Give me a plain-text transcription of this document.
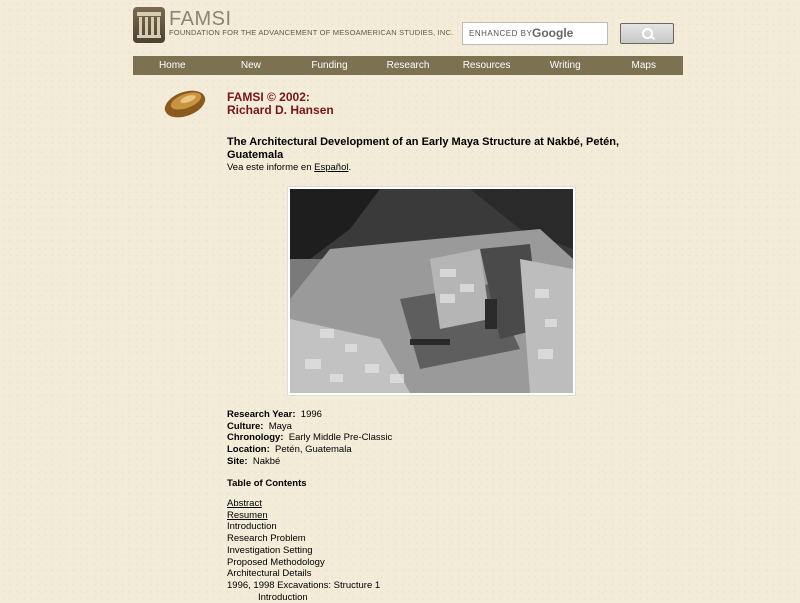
FAMSI
FOUNDATION FOR THE ADVANCEMENT OF MESOAMERICAN STUDIES, INC. ENHANCED BY Google
Home	New	Funding	Research	Resources	Writing	Maps
FAMSI © 2002:
Richard D. Hansen
The Architectural Development of an Early Maya Structure at Nakbé, Petén, Guatemala
Vea este informe en Español.
Research Year: 1996
Culture: Maya
Chronology: Early Middle Pre-Classic
Location: Petén, Guatemala
Site: Nakbé
Table of Contents
Abstract
Resumen
Introduction
Research Problem
Investigation Setting
Proposed Methodology
Architectural Details
1996, 1998 Excavations: Structure 1
Introduction
